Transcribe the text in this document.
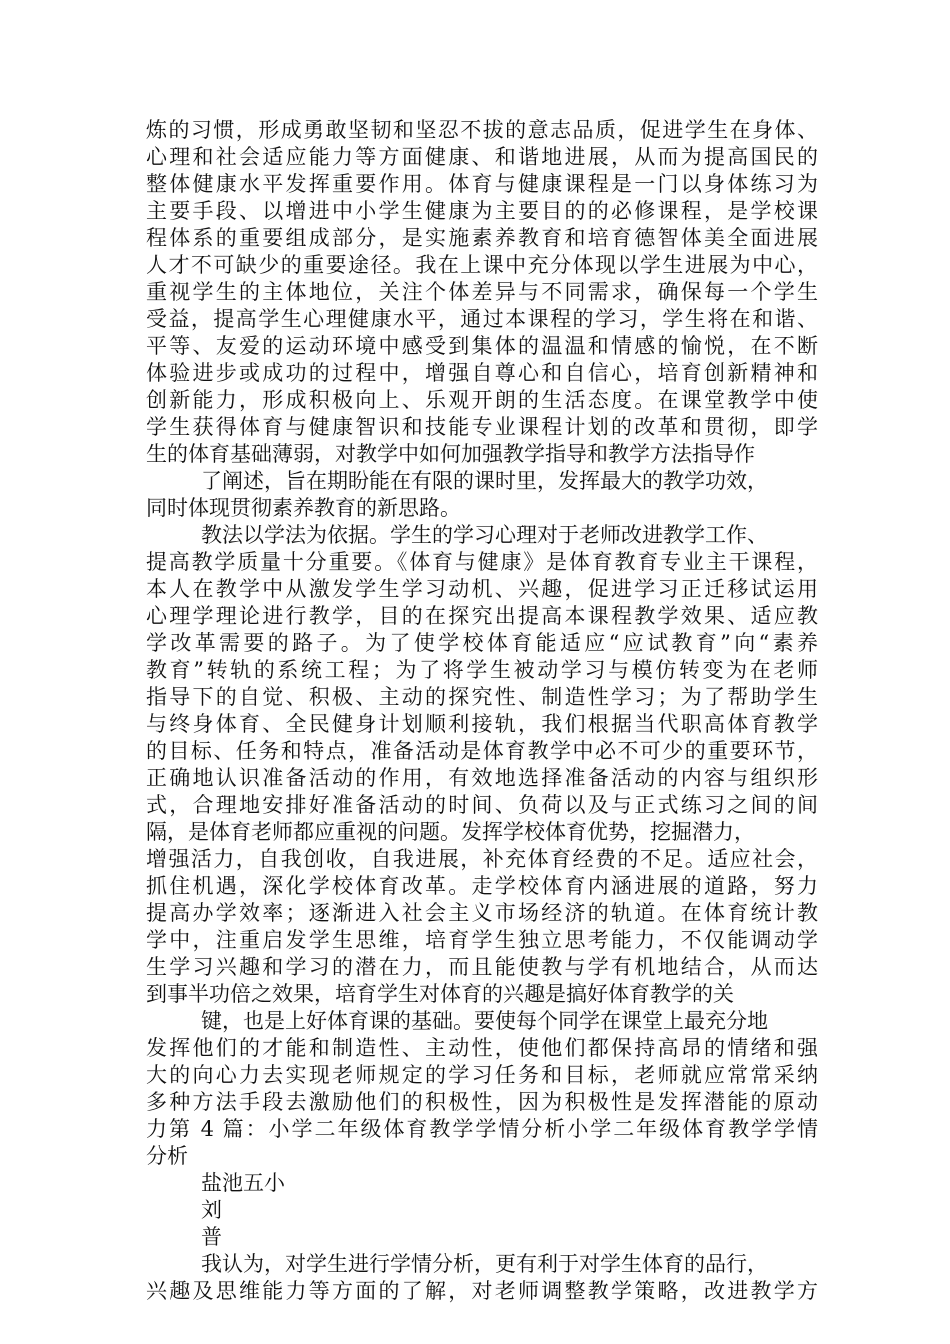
炼的习惯，形成勇敢坚韧和坚忍不拔的意志品质，促进学生在身体、
心理和社会适应能力等方面健康、和谐地进展，从而为提高国民的
整体健康水平发挥重要作用。体育与健康课程是一门以身体练习为
主要手段、以增进中小学生健康为主要目的的必修课程，是学校课
程体系的重要组成部分，是实施素养教育和培育德智体美全面进展
人才不可缺少的重要途径。我在上课中充分体现以学生进展为中心，
重视学生的主体地位，关注个体差异与不同需求，确保每一个学生
受益，提高学生心理健康水平，通过本课程的学习，学生将在和谐、
平等、友爱的运动环境中感受到集体的温温和情感的愉悦，在不断
体验进步或成功的过程中，增强自尊心和自信心，培育创新精神和
创新能力，形成积极向上、乐观开朗的生活态度。在课堂教学中使
学生获得体育与健康智识和技能专业课程计划的改革和贯彻，即学
生的体育基础薄弱，对教学中如何加强教学指导和教学方法指导作
了阐述，旨在期盼能在有限的课时里，发挥最大的教学功效，
同时体现贯彻素养教育的新思路。
教法以学法为依据。学生的学习心理对于老师改进教学工作、
提高教学质量十分重要。《体育与健康》是体育教育专业主干课程，
本人在教学中从激发学生学习动机、兴趣，促进学习正迁移试运用
心理学理论进行教学，目的在探究出提高本课程教学效果、适应教
学改革需要的路子。为了使学校体育能适应“应试教育”向“素养
教育”转轨的系统工程；为了将学生被动学习与模仿转变为在老师
指导下的自觉、积极、主动的探究性、制造性学习；为了帮助学生
与终身体育、全民健身计划顺利接轨，我们根据当代职高体育教学
的目标、任务和特点，准备活动是体育教学中必不可少的重要环节，
正确地认识准备活动的作用，有效地选择准备活动的内容与组织形
式，合理地安排好准备活动的时间、负荷以及与正式练习之间的间
隔，是体育老师都应重视的问题。发挥学校体育优势，挖掘潜力，
增强活力，自我创收，自我进展，补充体育经费的不足。适应社会，
抓住机遇，深化学校体育改革。走学校体育内涵进展的道路，努力
提高办学效率；逐渐进入社会主义市场经济的轨道。在体育统计教
学中，注重启发学生思维，培育学生独立思考能力，不仅能调动学
生学习兴趣和学习的潜在力，而且能使教与学有机地结合，从而达
到事半功倍之效果，培育学生对体育的兴趣是搞好体育教学的关
键，也是上好体育课的基础。要使每个同学在课堂上最充分地
发挥他们的才能和制造性、主动性，使他们都保持高昂的情绪和强
大的向心力去实现老师规定的学习任务和目标，老师就应常常采纳
多种方法手段去激励他们的积极性，因为积极性是发挥潜能的原动
力第 4 篇：小学二年级体育教学学情分析小学二年级体育教学学情
分析
盐池五小
刘
普
我认为，对学生进行学情分析，更有利于对学生体育的品行，
兴趣及思维能力等方面的了解，对老师调整教学策略，改进教学方
